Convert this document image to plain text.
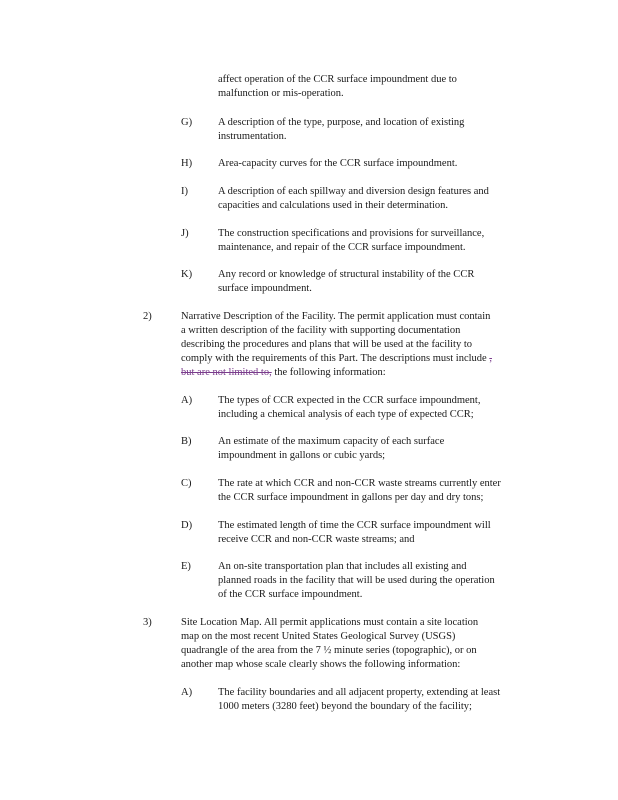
affect operation of the CCR surface impoundment due to
malfunction or mis-operation.
G) A description of the type, purpose, and location of existing
instrumentation.
H) Area-capacity curves for the CCR surface impoundment.
I)	A description of each spillway and diversion design features and
capacities and calculations used in their determination.
J)	The construction specifications and provisions for surveillance,
maintenance, and repair of the CCR surface impoundment.
K) Any record or knowledge of structural instability of the CCR
surface impoundment.
2)	Narrative Description of the Facility. The permit application must contain
a written description of the facility with supporting documentation
describing the procedures and plans that will be used at the facility to
comply with the requirements of this Part. The descriptions must include ,
but are not limited to, the following information:
A) The types of CCR expected in the CCR surface impoundment,
including a chemical analysis of each type of expected CCR;
B)	An estimate of the maximum capacity of each surface
impoundment in gallons or cubic yards;
C)	The rate at which CCR and non-CCR waste streams currently enter
the CCR surface impoundment in gallons per day and dry tons;
D) The estimated length of time the CCR surface impoundment will
receive CCR and non-CCR waste streams; and
E)	An on-site transportation plan that includes all existing and
planned roads in the facility that will be used during the operation
of the CCR surface impoundment.
3)	Site Location Map. All permit applications must contain a site location
map on the most recent United States Geological Survey (USGS)
quadrangle of the area from the 7 ½ minute series (topographic), or on
another map whose scale clearly shows the following information:
A) The facility boundaries and all adjacent property, extending at least
1000 meters (3280 feet) beyond the boundary of the facility;
